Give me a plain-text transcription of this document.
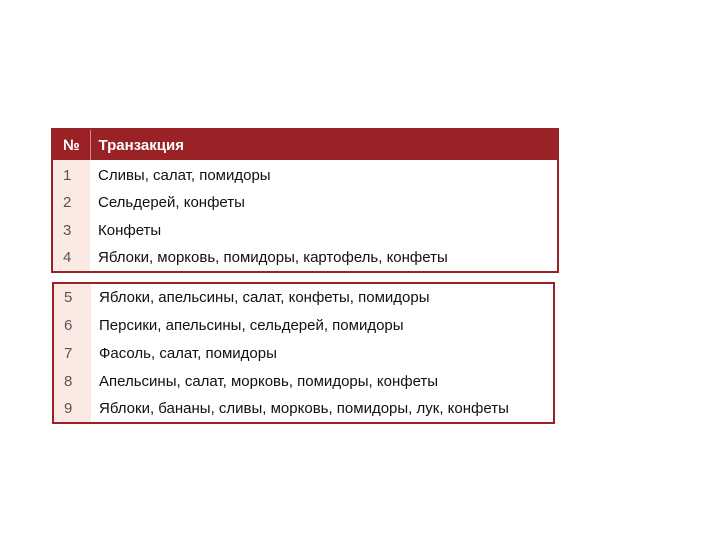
№	Транзакция
1	Сливы, салат, помидоры
2	Сельдерей, конфеты
3	Конфеты
4	Яблоки, морковь, помидоры, картофель, конфеты
5	Яблоки, апельсины, салат, конфеты, помидоры
6	Персики, апельсины, сельдерей, помидоры
7	Фасоль, салат, помидоры
8	Апельсины, салат, морковь, помидоры, конфеты
9	Яблоки, бананы, сливы, морковь, помидоры, лук, конфеты
